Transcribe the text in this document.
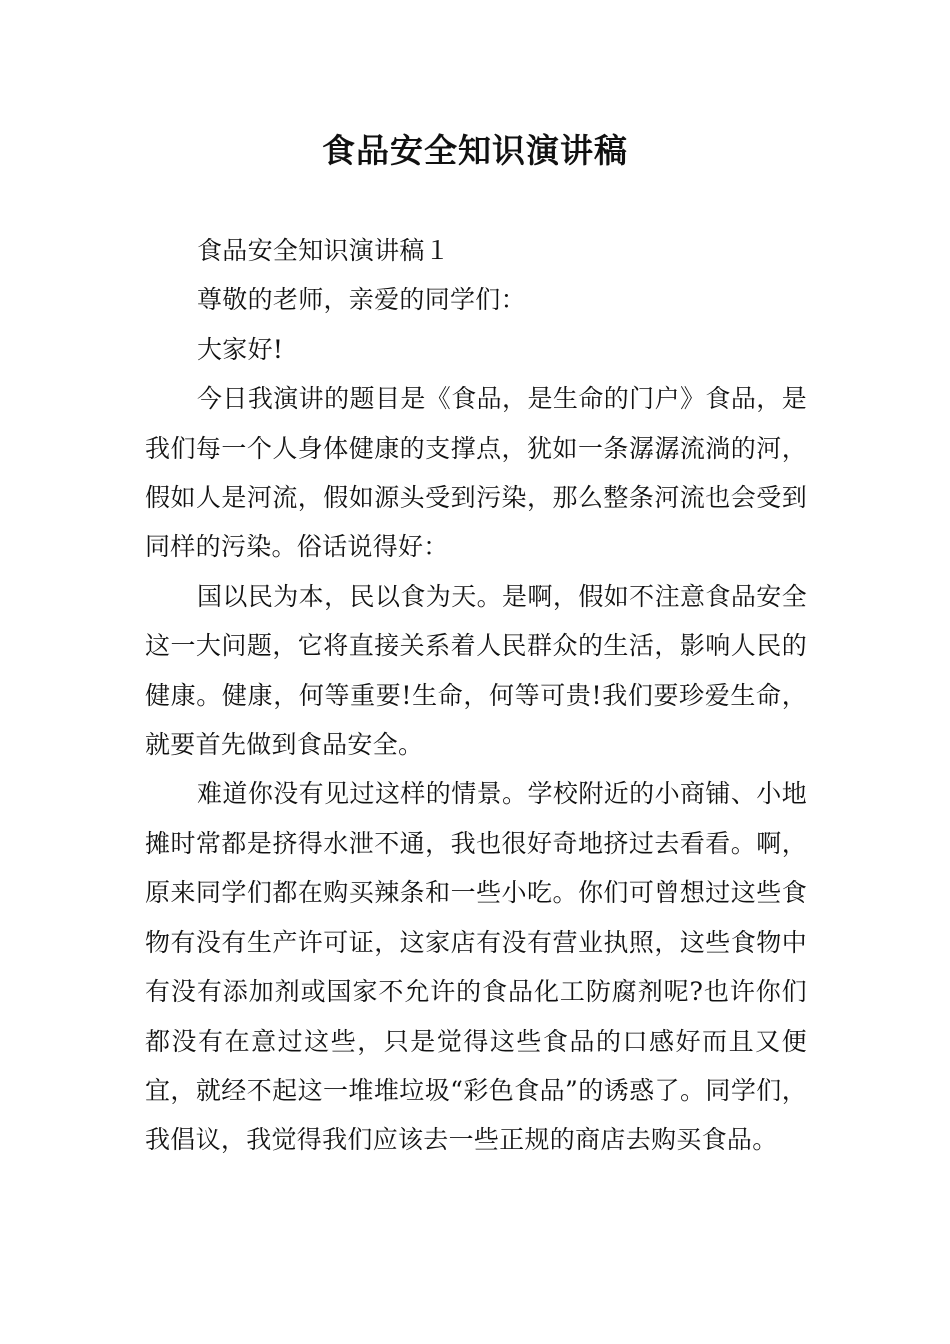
食品安全知识演讲稿

食品安全知识演讲稿１

尊敬的老师，亲爱的同学们：

大家好!

今日我演讲的题目是《食品，是生命的门户》食品，是我们每一个人身体健康的支撑点，犹如一条潺潺流淌的河，假如人是河流，假如源头受到污染，那么整条河流也会受到同样的污染。俗话说得好：

国以民为本，民以食为天。是啊，假如不注意食品安全这一大问题，它将直接关系着人民群众的生活，影响人民的健康。健康，何等重要!生命，何等可贵!我们要珍爱生命，就要首先做到食品安全。

难道你没有见过这样的情景。学校附近的小商铺、小地摊时常都是挤得水泄不通，我也很好奇地挤过去看看。啊，原来同学们都在购买辣条和一些小吃。你们可曾想过这些食物有没有生产许可证，这家店有没有营业执照，这些食物中有没有添加剂或国家不允许的食品化工防腐剂呢?也许你们都没有在意过这些，只是觉得这些食品的口感好而且又便宜，就经不起这一堆堆垃圾“彩色食品”的诱惑了。同学们，我倡议，我觉得我们应该去一些正规的商店去购买食品。
